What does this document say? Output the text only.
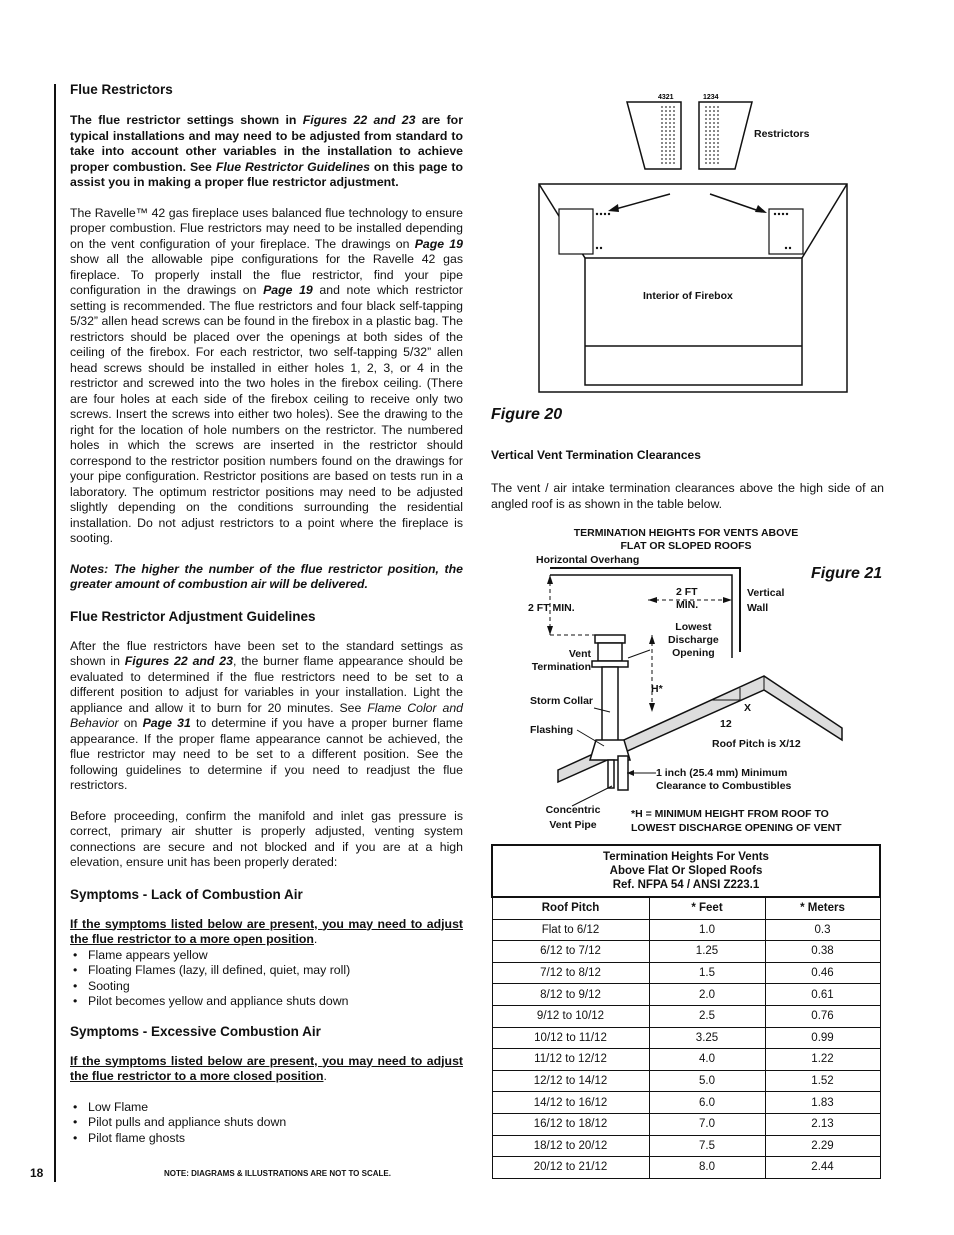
Flue Restrictors

The flue restrictor settings shown in Figures 22 and 23 are for typical installations and may need to be adjusted from standard to take into account other variables in the installation to achieve proper combustion. See Flue Restrictor Guidelines on this page to assist you in making a proper flue restrictor adjustment.

The Ravelle™ 42 gas fireplace uses balanced flue technology to ensure proper combustion. Flue restrictors may need to be installed depending on the vent configuration of your fireplace. The drawings on Page 19 show all the allowable pipe configurations for the Ravelle 42 gas fireplace. To properly install the flue restrictor, find your pipe configuration in the drawings on Page 19 and note which restrictor setting is recommended. The flue restrictors and four black self-tapping 5/32” allen head screws can be found in the firebox in a plastic bag. The restrictors should be placed over the openings at both sides of the ceiling of the firebox. For each restrictor, two self-tapping 5/32” allen head screws should be installed in either holes 1, 2, 3, or 4 in the restrictor and screwed into the two holes in the firebox ceiling. (There are four holes at each side of the firebox ceiling to receive only two screws. Insert the screws into either two holes). See the drawing to the right for the location of hole numbers on the restrictor. The numbered holes in which the screws are inserted in the restrictor should correspond to the restrictor position numbers found on the drawings for your pipe configuration. Restrictor positions are based on tests run in a laboratory. The optimum restrictor positions may need to be adjusted slightly depending on the conditions surrounding the residential installation. Do not adjust restrictors to a point where the fireplace is sooting.

Notes: The higher the number of the flue restrictor position, the greater amount of combustion air will be delivered.

Flue Restrictor Adjustment Guidelines

After the flue restrictors have been set to the standard settings as shown in Figures 22 and 23, the burner flame appearance should be evaluated to determined if the flue restrictors need to be set to a different position to adjust for variables in your installation. Light the appliance and allow it to burn for 20 minutes. See Flame Color and Behavior on Page 31 to determine if you have a proper burner flame appearance. If the proper flame appearance cannot be achieved, the flue restrictor may need to be set to a different position. See the following guidelines to determine if you need to readjust the flue restrictors.

Before proceeding, confirm the manifold and inlet gas pressure is correct, primary air shutter is properly adjusted, venting system connections are secure and not blocked and if you are at a high elevation, ensure unit has been properly derated:

Symptoms - Lack of Combustion Air

If the symptoms listed below are present, you may need to adjust the flue restrictor to a more open position.

• Flame appears yellow
• Floating Flames (lazy, ill defined, quiet, may roll)
• Sooting
• Pilot becomes yellow and appliance shuts down
Symptoms - Excessive Combustion Air

If the symptoms listed below are present, you may need to adjust the flue restrictor to a more closed position.

• Low Flame
• Pilot pulls and appliance shuts down
• Pilot flame ghosts
18	NOTE: DIAGRAMS & ILLUSTRATIONS ARE NOT TO SCALE.
4321	1234
Restrictors
Interior of Firebox
Figure 20
Vertical Vent Termination Clearances

The vent / air intake termination clearances above the high side of an angled roof is as shown in the table below.

TERMINATION HEIGHTS FOR VENTS ABOVE
FLAT OR SLOPED ROOFS
Horizontal Overhang
2 FT MIN.
2 FT
MIN.
Vertical
Wall
Lowest
Discharge
Opening
Vent
Termination
H*
Storm Collar
Flashing
X
12
Roof Pitch is X/12
1 inch (25.4 mm) Minimum
Clearance to Combustibles
Concentric
Vent Pipe
*H = MINIMUM HEIGHT FROM ROOF TO
LOWEST DISCHARGE OPENING OF VENT
Figure 21
Termination Heights For Vents
Above Flat Or Sloped Roofs
Ref. NFPA 54 / ANSI Z223.1		

Roof Pitch	* Feet	* Meters
Flat to 6/12	1.0	0.3
6/12 to 7/12	1.25	0.38
7/12 to 8/12	1.5	0.46
8/12 to 9/12	2.0	0.61
9/12 to 10/12	2.5	0.76
10/12 to 11/12	3.25	0.99
11/12 to 12/12	4.0	1.22
12/12 to 14/12	5.0	1.52
14/12 to 16/12	6.0	1.83
16/12 to 18/12	7.0	2.13
18/12 to 20/12	7.5	2.29
20/12 to 21/12	8.0	2.44
